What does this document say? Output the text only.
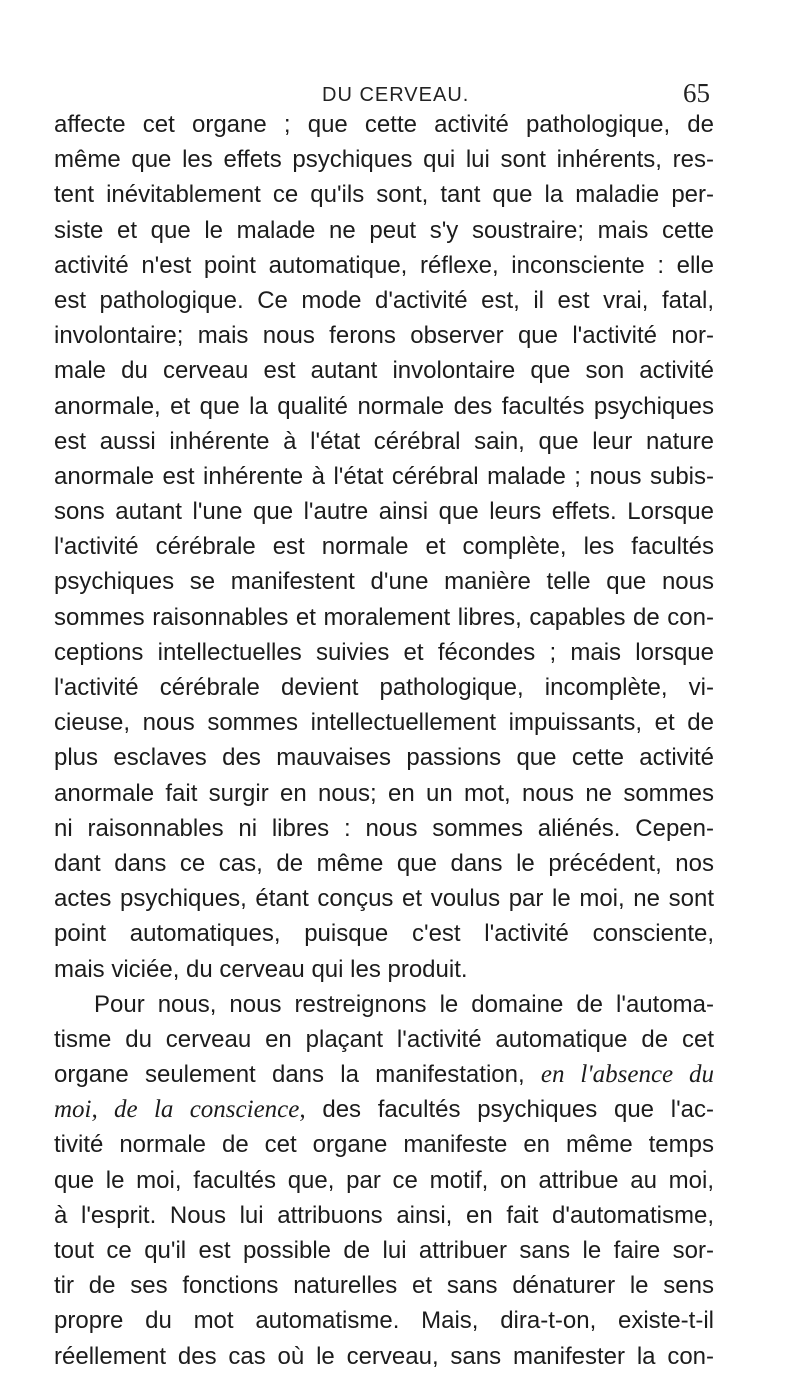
DU CERVEAU.	65
affecte cet organe ; que cette activité pathologique, de
même que les effets psychiques qui lui sont inhérents, res-
tent inévitablement ce qu'ils sont, tant que la maladie per-
siste et que le malade ne peut s'y soustraire; mais cette
activité n'est point automatique, réflexe, inconsciente : elle
est pathologique. Ce mode d'activité est, il est vrai, fatal,
involontaire; mais nous ferons observer que l'activité nor-
male du cerveau est autant involontaire que son activité
anormale, et que la qualité normale des facultés psychiques
est aussi inhérente à l'état cérébral sain, que leur nature
anormale est inhérente à l'état cérébral malade ; nous subis-
sons autant l'une que l'autre ainsi que leurs effets. Lorsque
l'activité cérébrale est normale et complète, les facultés
psychiques se manifestent d'une manière telle que nous
sommes raisonnables et moralement libres, capables de con-
ceptions intellectuelles suivies et fécondes ; mais lorsque
l'activité cérébrale devient pathologique, incomplète, vi-
cieuse, nous sommes intellectuellement impuissants, et de
plus esclaves des mauvaises passions que cette activité
anormale fait surgir en nous; en un mot, nous ne sommes
ni raisonnables ni libres : nous sommes aliénés. Cepen-
dant dans ce cas, de même que dans le précédent, nos
actes psychiques, étant conçus et voulus par le moi, ne sont
point automatiques, puisque c'est l'activité consciente,
mais viciée, du cerveau qui les produit.
Pour nous, nous restreignons le domaine de l'automa-
tisme du cerveau en plaçant l'activité automatique de cet
organe seulement dans la manifestation, en l'absence du
moi, de la conscience, des facultés psychiques que l'ac-
tivité normale de cet organe manifeste en même temps
que le moi, facultés que, par ce motif, on attribue au moi,
à l'esprit. Nous lui attribuons ainsi, en fait d'automatisme,
tout ce qu'il est possible de lui attribuer sans le faire sor-
tir de ses fonctions naturelles et sans dénaturer le sens
propre du mot automatisme. Mais, dira-t-on, existe-t-il
réellement des cas où le cerveau, sans manifester la con-
